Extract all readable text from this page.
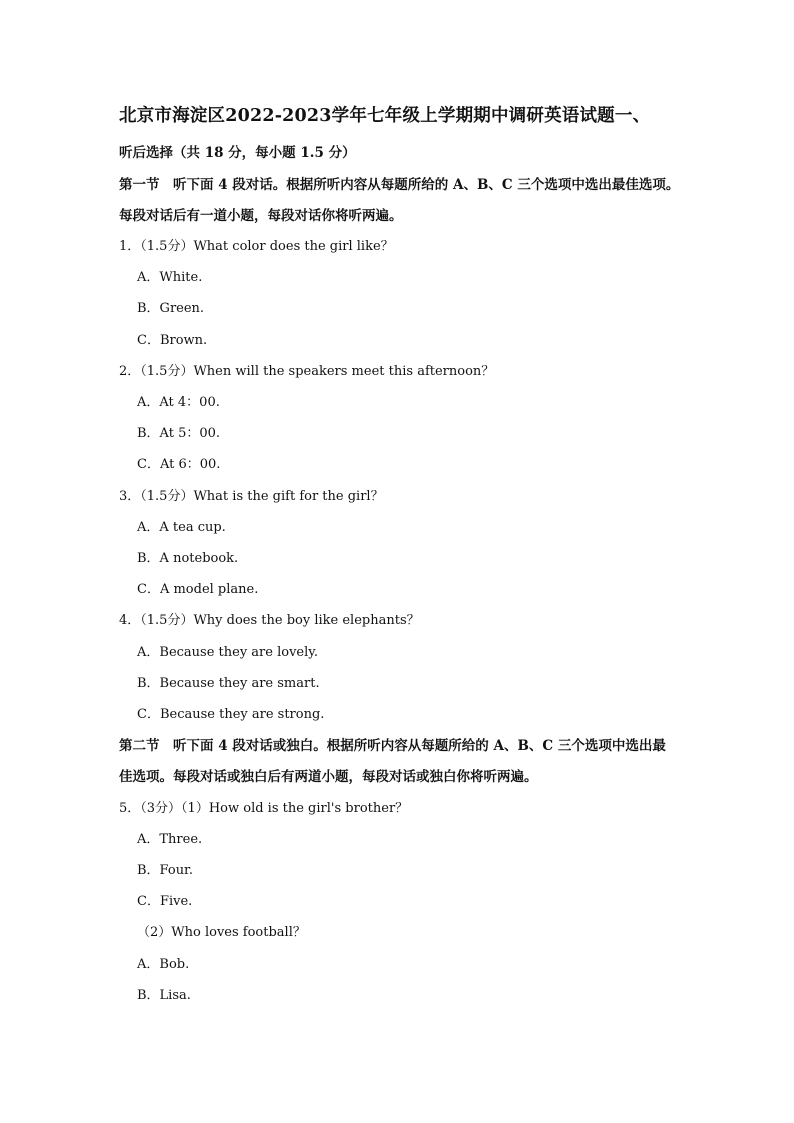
北京市海淀区2022-2023学年七年级上学期期中调研英语试题一、
听后选择（共 18 分，每小题 1.5 分）
第一节　听下面 4 段对话。根据所听内容从每题所给的 A、B、C 三个选项中选出最佳选项。
每段对话后有一道小题，每段对话你将听两遍。
1．（1.5分）What color does the girl like？
A．White.
B．Green.
C．Brown.
2．（1.5分）When will the speakers meet this afternoon？
A．At 4：00.
B．At 5：00.
C．At 6：00.
3．（1.5分）What is the gift for the girl？
A．A tea cup.
B．A notebook.
C．A model plane.
4．（1.5分）Why does the boy like elephants？
A．Because they are lovely.
B．Because they are smart.
C．Because they are strong.
第二节　听下面 4 段对话或独白。根据所听内容从每题所给的 A、B、C 三个选项中选出最
佳选项。每段对话或独白后有两道小题，每段对话或独白你将听两遍。
5．（3分）（1）How old is the girl's brother？
A．Three.
B．Four.
C．Five.
（2）Who loves football？
A．Bob.
B．Lisa.
